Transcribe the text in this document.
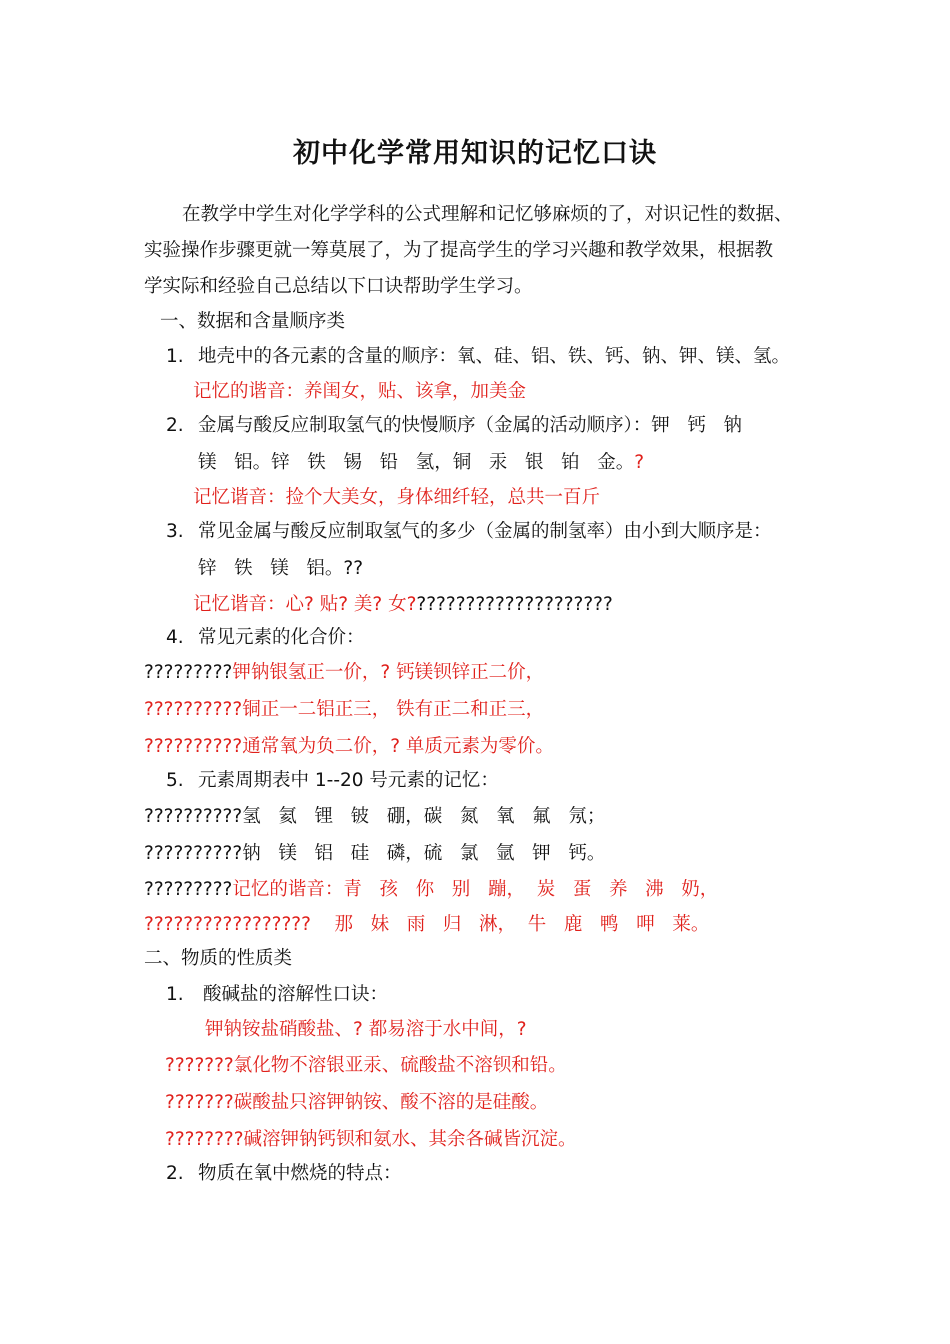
初中化学常用知识的记忆口诀
在教学中学生对化学学科的公式理解和记忆够麻烦的了，对识记性的数据、
实验操作步骤更就一筹莫展了，为了提高学生的学习兴趣和教学效果，根据教
学实际和经验自己总结以下口诀帮助学生学习。
一、数据和含量顺序类
1. 地壳中的各元素的含量的顺序：氧、硅、铝、铁、钙、钠、钾、镁、氢。
记忆的谐音：养闺女，贴、该拿，加美金
2. 金属与酸反应制取氢气的快慢顺序（金属的活动顺序）：钾   钙   钠
镁   铝。锌   铁   锡   铅   氢，铜   汞   银   铂   金。?
记忆谐音：捡个大美女，身体细纤轻，总共一百斤
3. 常见金属与酸反应制取氢气的多少（金属的制氢率）由小到大顺序是：
锌   铁   镁   铝。??
记忆谐音：心? 贴? 美? 女?????????????????????
4. 常见元素的化合价：
?????????钾钠银氢正一价，? 钙镁钡锌正二价，
??????????铜正一二铝正三， 铁有正二和正三，
??????????通常氧为负二价，? 单质元素为零价。
5. 元素周期表中 1--20 号元素的记忆：
??????????氢   氦   锂   铍   硼，碳   氮   氧   氟   氖；
??????????钠   镁   铝   硅   磷，硫   氯   氩   钾   钙。
?????????记忆的谐音：青   孩   你   别   蹦，  炭   蛋   养   沸   奶，
?????????????????    那   妹   雨   归   淋，  牛   鹿   鸭   呷   莱。
二、物质的性质类
1. 酸碱盐的溶解性口诀：
钾钠铵盐硝酸盐、? 都易溶于水中间，?
???????氯化物不溶银亚汞、硫酸盐不溶钡和铅。
???????碳酸盐只溶钾钠铵、酸不溶的是硅酸。
????????碱溶钾钠钙钡和氨水、其余各碱皆沉淀。
2. 物质在氧中燃烧的特点：
